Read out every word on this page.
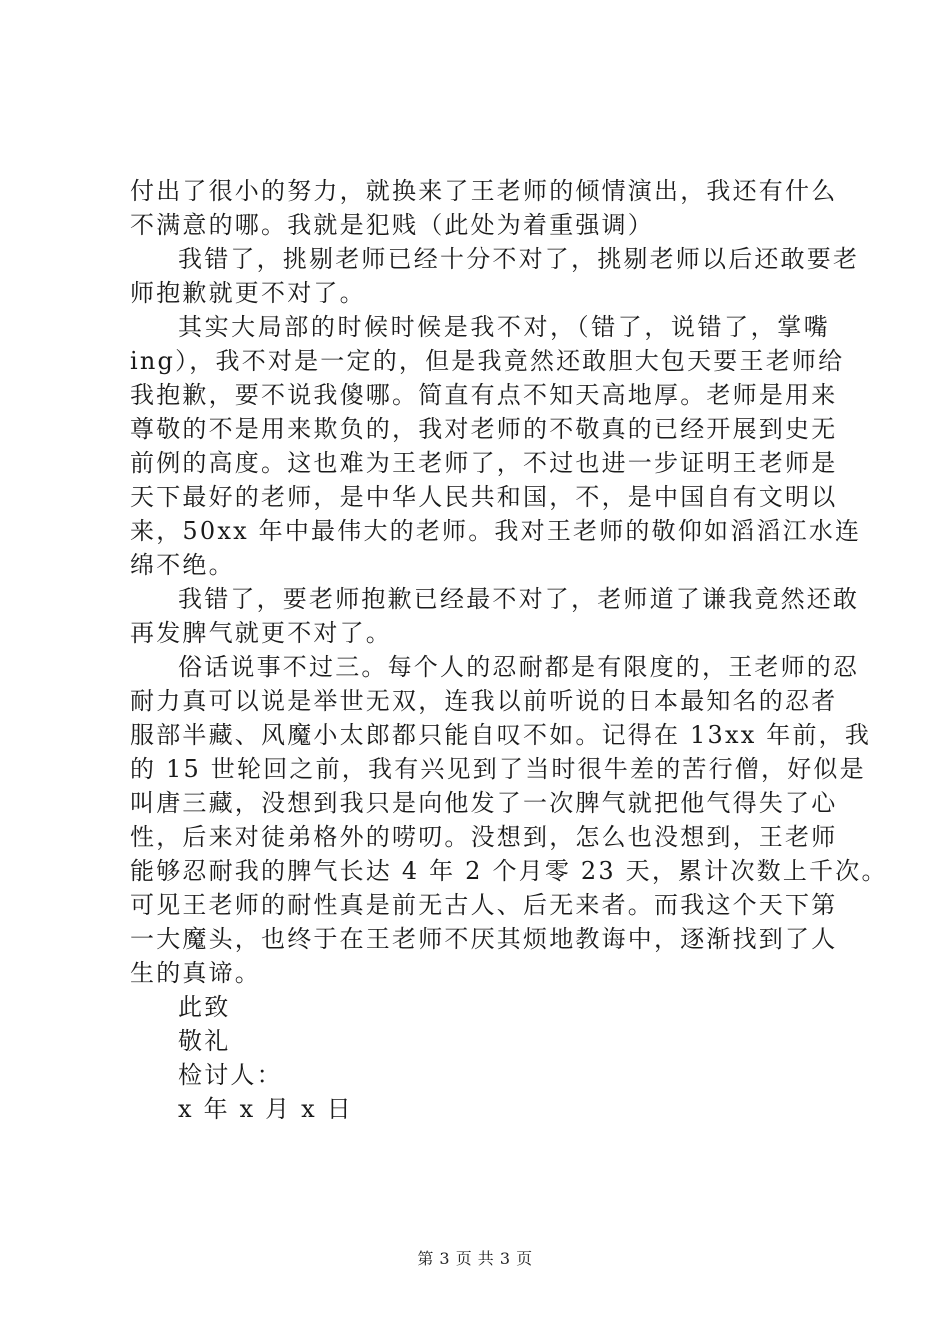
付出了很小的努力，就换来了王老师的倾情演出，我还有什么
不满意的哪。我就是犯贱（此处为着重强调）
我错了，挑剔老师已经十分不对了，挑剔老师以后还敢要老
师抱歉就更不对了。
其实大局部的时候时候是我不对，（错了，说错了，掌嘴
ing），我不对是一定的，但是我竟然还敢胆大包天要王老师给
我抱歉，要不说我傻哪。简直有点不知天高地厚。老师是用来
尊敬的不是用来欺负的，我对老师的不敬真的已经开展到史无
前例的高度。这也难为王老师了，不过也进一步证明王老师是
天下最好的老师，是中华人民共和国，不，是中国自有文明以
来，50xx 年中最伟大的老师。我对王老师的敬仰如滔滔江水连
绵不绝。
我错了，要老师抱歉已经最不对了，老师道了谦我竟然还敢
再发脾气就更不对了。
俗话说事不过三。每个人的忍耐都是有限度的，王老师的忍
耐力真可以说是举世无双，连我以前听说的日本最知名的忍者
服部半藏、风魔小太郎都只能自叹不如。记得在 13xx 年前，我
的 15 世轮回之前，我有兴见到了当时很牛差的苦行僧，好似是
叫唐三藏，没想到我只是向他发了一次脾气就把他气得失了心
性，后来对徒弟格外的唠叨。没想到，怎么也没想到，王老师
能够忍耐我的脾气长达 4 年 2 个月零 23 天，累计次数上千次。
可见王老师的耐性真是前无古人、后无来者。而我这个天下第
一大魔头，也终于在王老师不厌其烦地教诲中，逐渐找到了人
生的真谛。
此致
敬礼
检讨人：
x 年 x 月 x 日
第 3 页 共 3 页
